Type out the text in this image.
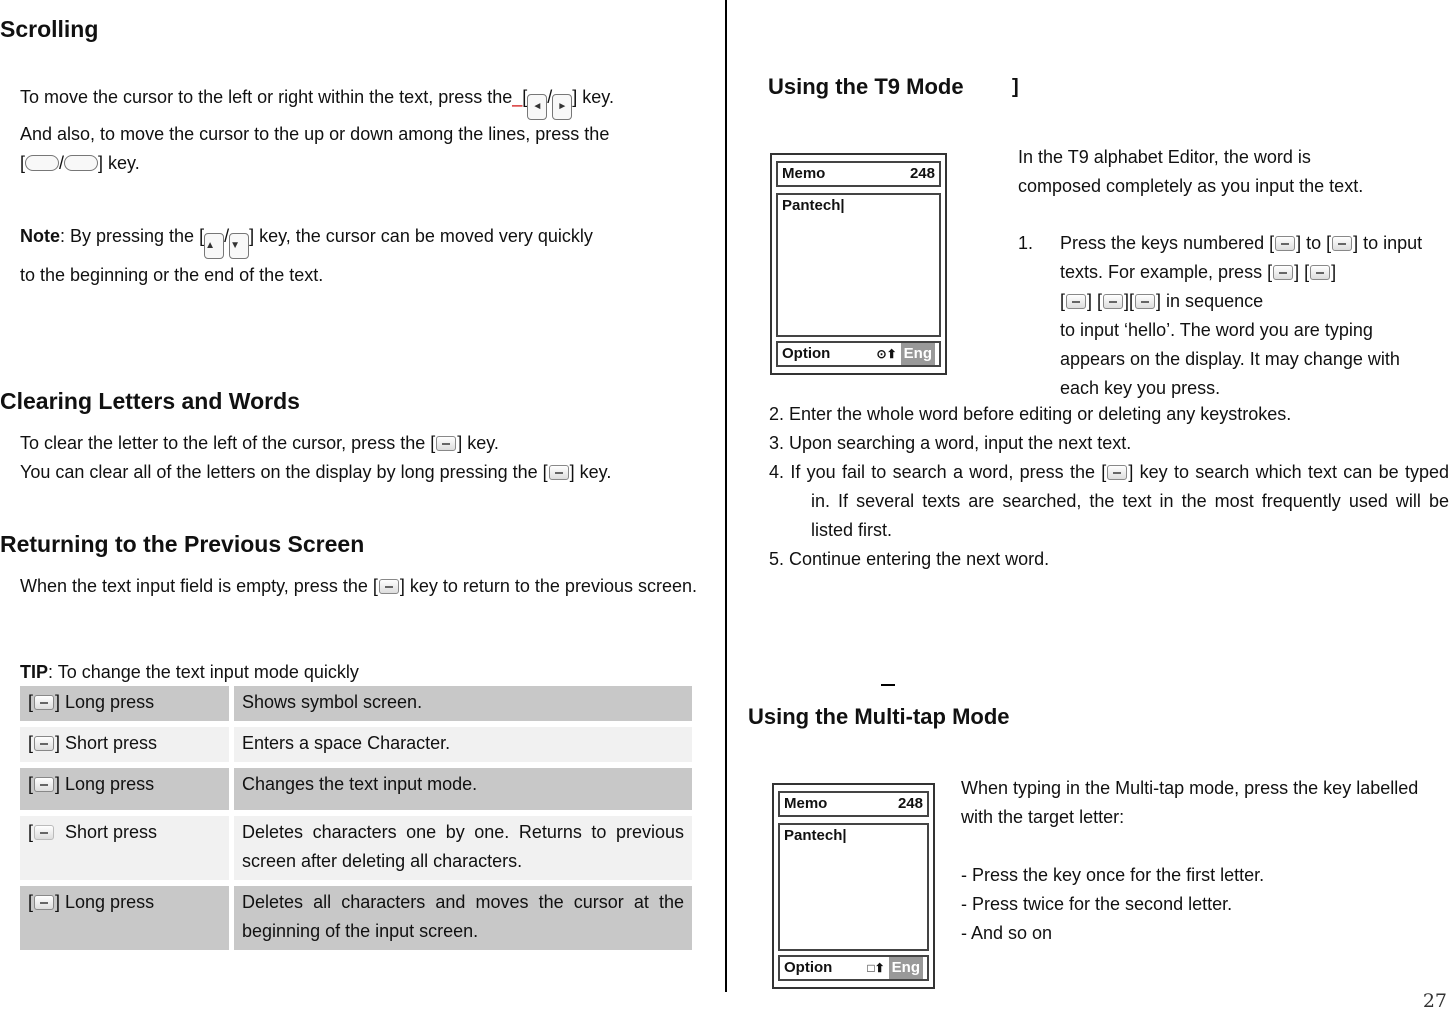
Scrolling
To move the cursor to the left or right within the text, press the_[ ◄ / ► ] key.
And also, to move the cursor to the up or down among the lines, press the
[ / ] key.
Note: By pressing the [▲ /▼ ] key, the cursor can be moved very quickly
to the beginning or the end of the text.
Clearing Letters and Words
To clear the letter to the left of the cursor, press the [ ] key.
You can clear all of the letters on the display by long pressing the [ ] key.
Returning to the Previous Screen
When the text input field is empty, press the [ ] key to return to the previous screen.
TIP: To change the text input mode quickly
[ ] Long press	Shows symbol screen.

[ ] Short press	Enters a space Character.

[ ] Long press	Changes the text input mode.

[  Short press	Deletes characters one by one. Returns to previous screen after deleting all characters.

[ ] Long press	Deletes all characters and moves the cursor at the beginning of the input screen.
Using the T9 Mode ]
Memo	248
Pantech|
Option	Eng
⊙⬆
In the T9 alphabet Editor, the word is composed completely as you input the text.
1. Press the keys numbered [ ] to [ ] to input texts. For example, press [ ] [ ]
[ ] [ ][ ] in sequence
to input ‘hello’. The word you are typing appears on the display. It may change with each key you press.
2. Enter the whole word before editing or deleting any keystrokes.
3. Upon searching a word, input the next text.
4. If you fail to search a word, press the [ ] key to search which text can be typed in. If several texts are searched, the text in the most frequently used will be listed first.
5. Continue entering the next word.
Using the Multi-tap Mode
Memo	248
Pantech|
Option	Eng
□⬆
When typing in the Multi-tap mode, press the key labelled with the target letter:
- Press the key once for the first letter.
- Press twice for the second letter.
- And so on
27
